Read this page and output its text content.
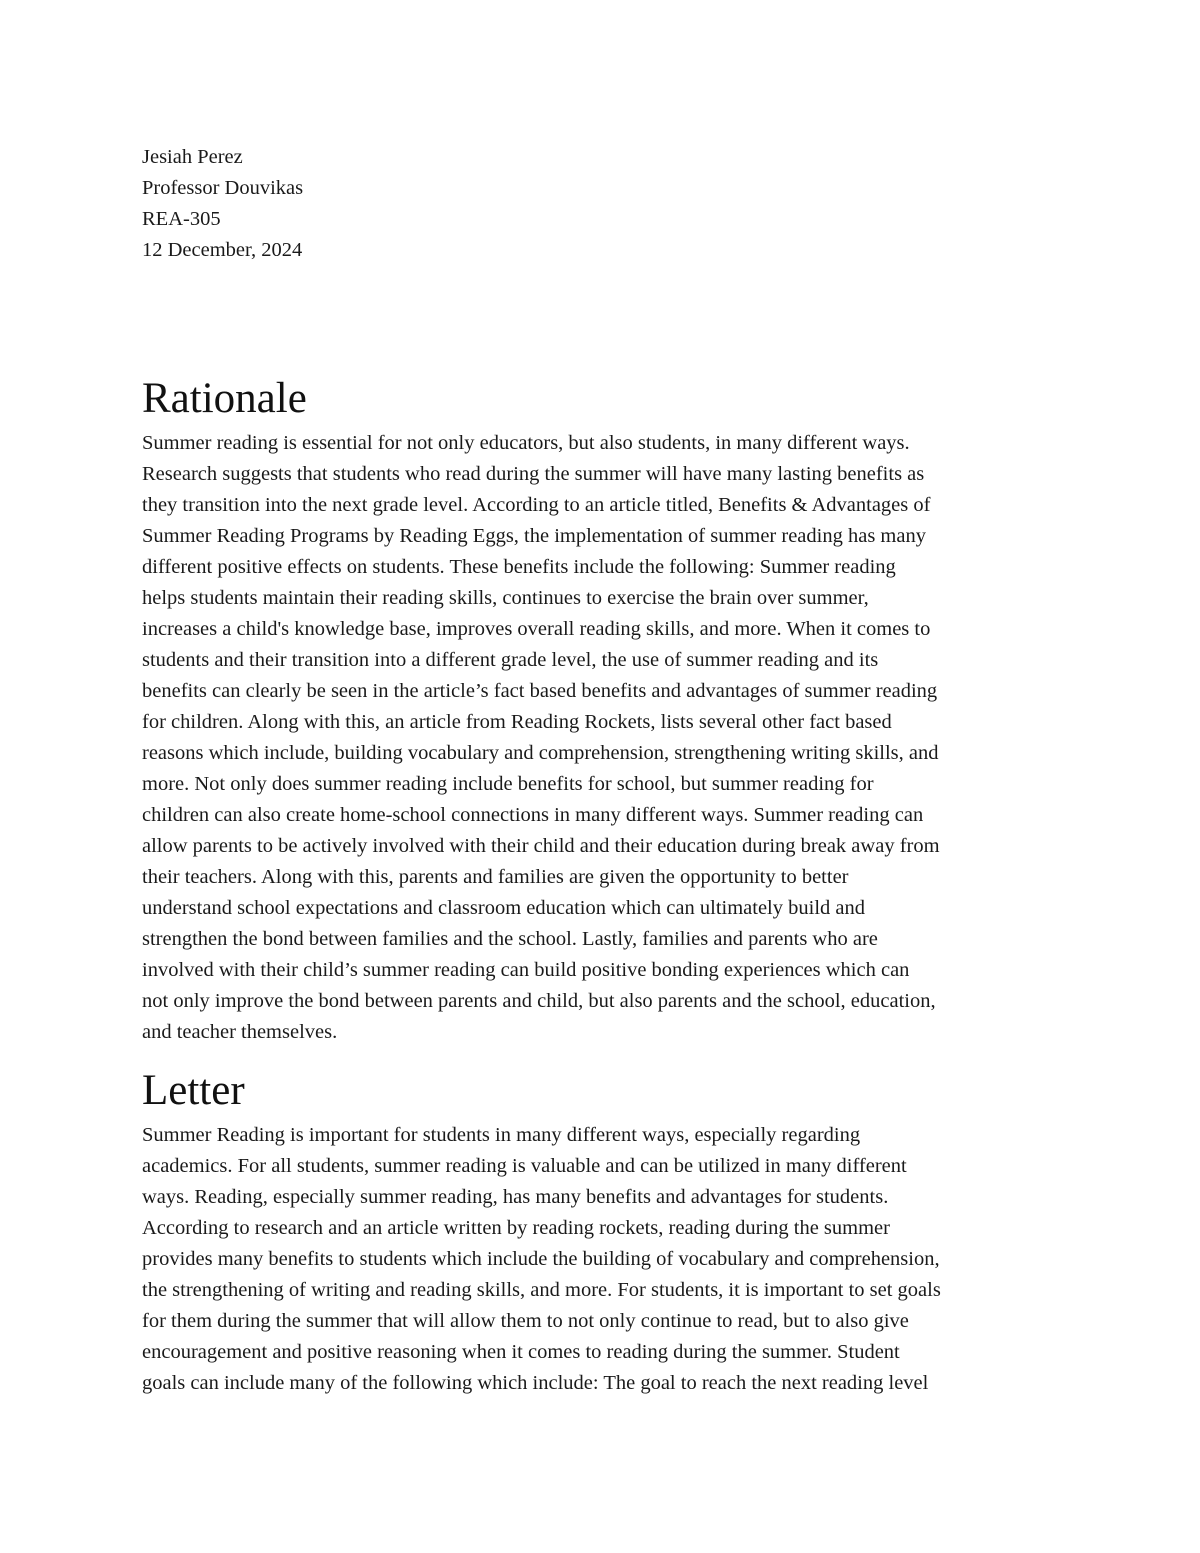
Jesiah Perez
Professor Douvikas
REA-305
12 December, 2024
Rationale
Summer reading is essential for not only educators, but also students, in many different ways.
Research suggests that students who read during the summer will have many lasting benefits as
they transition into the next grade level. According to an article titled, Benefits & Advantages of
Summer Reading Programs by Reading Eggs, the implementation of summer reading has many
different positive effects on students. These benefits include the following: Summer reading
helps students maintain their reading skills, continues to exercise the brain over summer,
increases a child's knowledge base, improves overall reading skills, and more. When it comes to
students and their transition into a different grade level, the use of summer reading and its
benefits can clearly be seen in the article’s fact based benefits and advantages of summer reading
for children. Along with this, an article from Reading Rockets, lists several other fact based
reasons which include, building vocabulary and comprehension, strengthening writing skills, and
more. Not only does summer reading include benefits for school, but summer reading for
children can also create home-school connections in many different ways. Summer reading can
allow parents to be actively involved with their child and their education during break away from
their teachers. Along with this, parents and families are given the opportunity to better
understand school expectations and classroom education which can ultimately build and
strengthen the bond between families and the school. Lastly, families and parents who are
involved with their child’s summer reading can build positive bonding experiences which can
not only improve the bond between parents and child, but also parents and the school, education,
and teacher themselves.
Letter
Summer Reading is important for students in many different ways, especially regarding
academics. For all students, summer reading is valuable and can be utilized in many different
ways. Reading, especially summer reading, has many benefits and advantages for students.
According to research and an article written by reading rockets, reading during the summer
provides many benefits to students which include the building of vocabulary and comprehension,
the strengthening of writing and reading skills, and more. For students, it is important to set goals
for them during the summer that will allow them to not only continue to read, but to also give
encouragement and positive reasoning when it comes to reading during the summer. Student
goals can include many of the following which include: The goal to reach the next reading level
